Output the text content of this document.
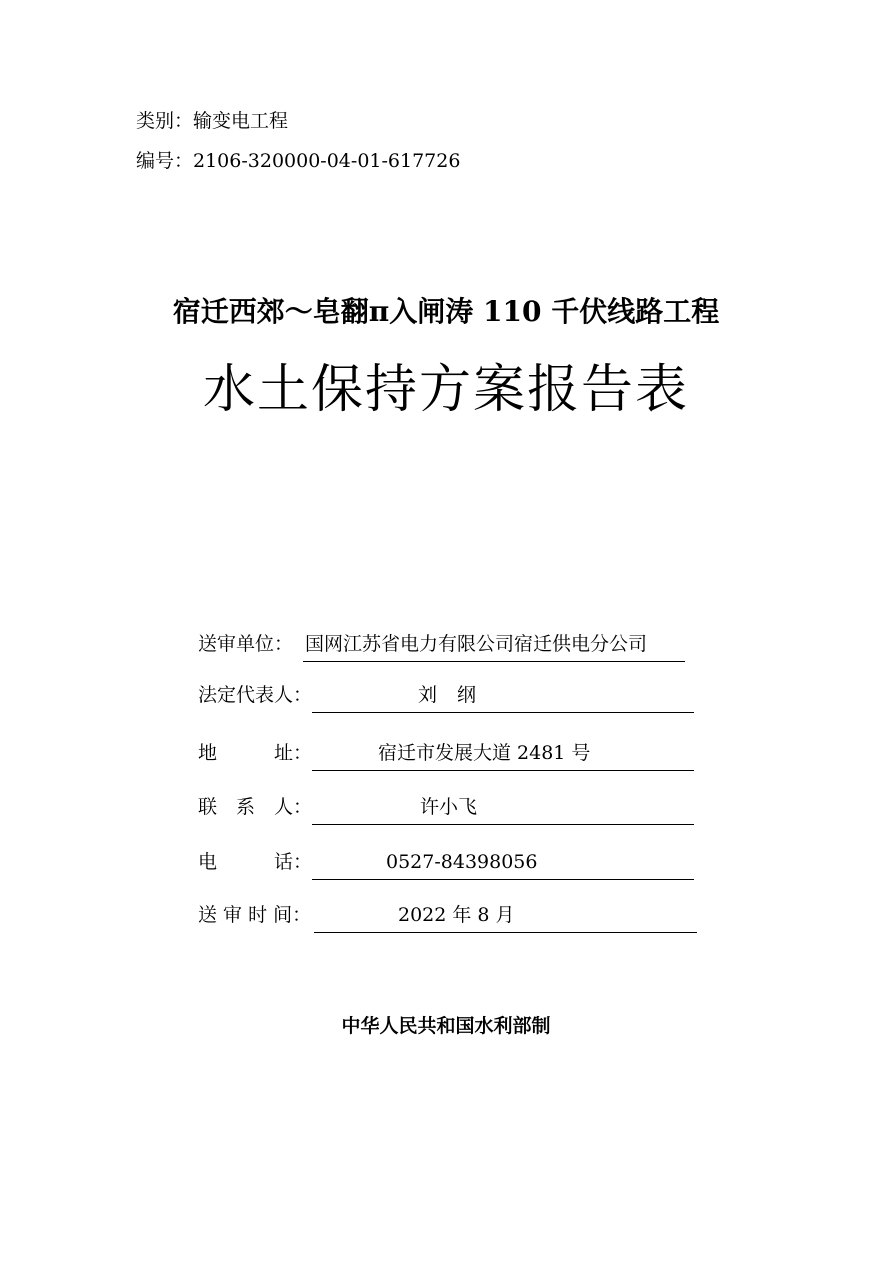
类别：输变电工程
编号：2106-320000-04-01-617726
宿迁西郊～皂翻π入闸涛 110 千伏线路工程
水土保持方案报告表
送审单位： 国网江苏省电力有限公司宿迁供电分公司
法定代表人：	刘纲
地　　　址：	宿迁市发展大道 2481 号
联　系　人：	许小飞
电　　　话：	0527-84398056
送 审 时 间：	2022 年 8 月
中华人民共和国水利部制
